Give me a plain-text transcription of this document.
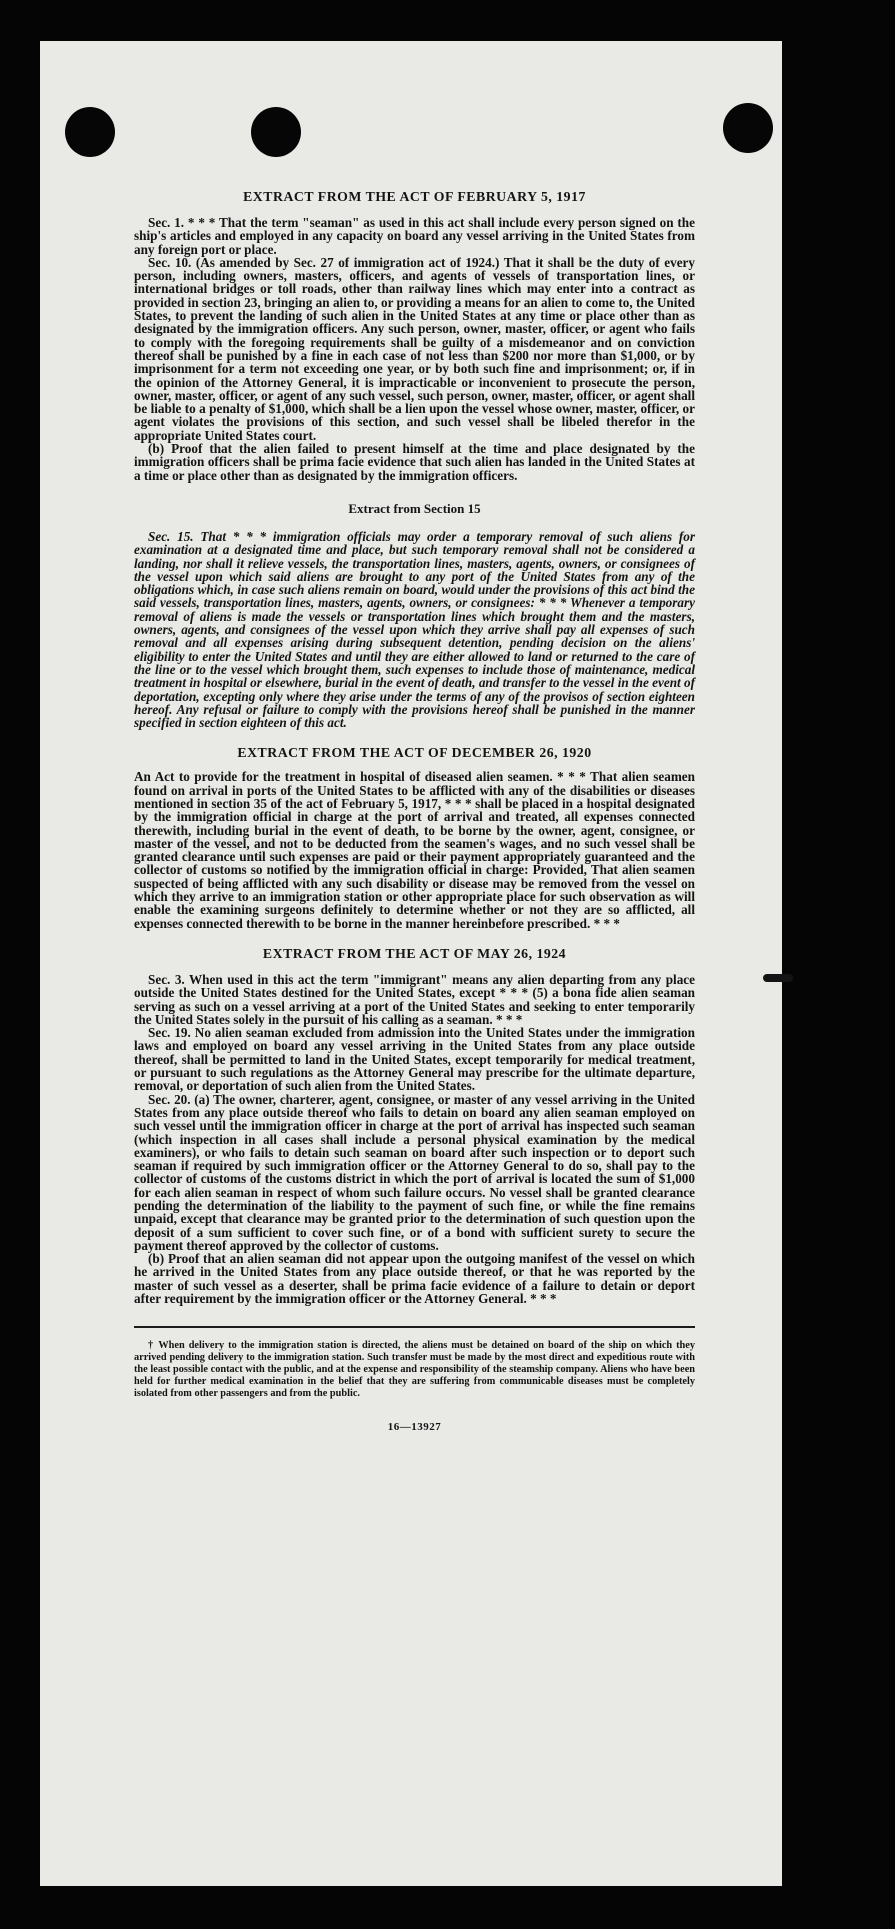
EXTRACT FROM THE ACT OF FEBRUARY 5, 1917

Sec. 1. * * * That the term "seaman" as used in this act shall include every person signed on the ship's articles and employed in any capacity on board any vessel arriving in the United States from any foreign port or place.

Sec. 10. (As amended by Sec. 27 of immigration act of 1924.) That it shall be the duty of every person, including owners, masters, officers, and agents of vessels of transportation lines, or international bridges or toll roads, other than railway lines which may enter into a contract as provided in section 23, bringing an alien to, or providing a means for an alien to come to, the United States, to prevent the landing of such alien in the United States at any time or place other than as designated by the immigration officers. Any such person, owner, master, officer, or agent who fails to comply with the foregoing requirements shall be guilty of a misdemeanor and on conviction thereof shall be punished by a fine in each case of not less than $200 nor more than $1,000, or by imprisonment for a term not exceeding one year, or by both such fine and imprisonment; or, if in the opinion of the Attorney General, it is impracticable or inconvenient to prosecute the person, owner, master, officer, or agent of any such vessel, such person, owner, master, officer, or agent shall be liable to a penalty of $1,000, which shall be a lien upon the vessel whose owner, master, officer, or agent violates the provisions of this section, and such vessel shall be libeled therefor in the appropriate United States court.

(b) Proof that the alien failed to present himself at the time and place designated by the immigration officers shall be prima facie evidence that such alien has landed in the United States at a time or place other than as designated by the immigration officers.

Extract from Section 15

Sec. 15. That * * * immigration officials may order a temporary removal of such aliens for examination at a designated time and place, but such temporary removal shall not be considered a landing, nor shall it relieve vessels, the transportation lines, masters, agents, owners, or consignees of the vessel upon which said aliens are brought to any port of the United States from any of the obligations which, in case such aliens remain on board, would under the provisions of this act bind the said vessels, transportation lines, masters, agents, owners, or consignees: * * * Whenever a temporary removal of aliens is made the vessels or transportation lines which brought them and the masters, owners, agents, and consignees of the vessel upon which they arrive shall pay all expenses of such removal and all expenses arising during subsequent detention, pending decision on the aliens' eligibility to enter the United States and until they are either allowed to land or returned to the care of the line or to the vessel which brought them, such expenses to include those of maintenance, medical treatment in hospital or elsewhere, burial in the event of death, and transfer to the vessel in the event of deportation, excepting only where they arise under the terms of any of the provisos of section eighteen hereof. Any refusal or failure to comply with the provisions hereof shall be punished in the manner specified in section eighteen of this act.

EXTRACT FROM THE ACT OF DECEMBER 26, 1920

An Act to provide for the treatment in hospital of diseased alien seamen. * * * That alien seamen found on arrival in ports of the United States to be afflicted with any of the disabilities or diseases mentioned in section 35 of the act of February 5, 1917, * * * shall be placed in a hospital designated by the immigration official in charge at the port of arrival and treated, all expenses connected therewith, including burial in the event of death, to be borne by the owner, agent, consignee, or master of the vessel, and not to be deducted from the seamen's wages, and no such vessel shall be granted clearance until such expenses are paid or their payment appropriately guaranteed and the collector of customs so notified by the immigration official in charge: Provided, That alien seamen suspected of being afflicted with any such disability or disease may be removed from the vessel on which they arrive to an immigration station or other appropriate place for such observation as will enable the examining surgeons definitely to determine whether or not they are so afflicted, all expenses connected therewith to be borne in the manner hereinbefore prescribed. * * *

EXTRACT FROM THE ACT OF MAY 26, 1924

Sec. 3. When used in this act the term "immigrant" means any alien departing from any place outside the United States destined for the United States, except * * * (5) a bona fide alien seaman serving as such on a vessel arriving at a port of the United States and seeking to enter temporarily the United States solely in the pursuit of his calling as a seaman. * * *

Sec. 19. No alien seaman excluded from admission into the United States under the immigration laws and employed on board any vessel arriving in the United States from any place outside thereof, shall be permitted to land in the United States, except temporarily for medical treatment, or pursuant to such regulations as the Attorney General may prescribe for the ultimate departure, removal, or deportation of such alien from the United States.

Sec. 20. (a) The owner, charterer, agent, consignee, or master of any vessel arriving in the United States from any place outside thereof who fails to detain on board any alien seaman employed on such vessel until the immigration officer in charge at the port of arrival has inspected such seaman (which inspection in all cases shall include a personal physical examination by the medical examiners), or who fails to detain such seaman on board after such inspection or to deport such seaman if required by such immigration officer or the Attorney General to do so, shall pay to the collector of customs of the customs district in which the port of arrival is located the sum of $1,000 for each alien seaman in respect of whom such failure occurs. No vessel shall be granted clearance pending the determination of the liability to the payment of such fine, or while the fine remains unpaid, except that clearance may be granted prior to the determination of such question upon the deposit of a sum sufficient to cover such fine, or of a bond with sufficient surety to secure the payment thereof approved by the collector of customs.

(b) Proof that an alien seaman did not appear upon the outgoing manifest of the vessel on which he arrived in the United States from any place outside thereof, or that he was reported by the master of such vessel as a deserter, shall be prima facie evidence of a failure to detain or deport after requirement by the immigration officer or the Attorney General. * * *

† When delivery to the immigration station is directed, the aliens must be detained on board of the ship on which they arrived pending delivery to the immigration station. Such transfer must be made by the most direct and expeditious route with the least possible contact with the public, and at the expense and responsibility of the steamship company. Aliens who have been held for further medical examination in the belief that they are suffering from communicable diseases must be completely isolated from other passengers and from the public.

16—13927
